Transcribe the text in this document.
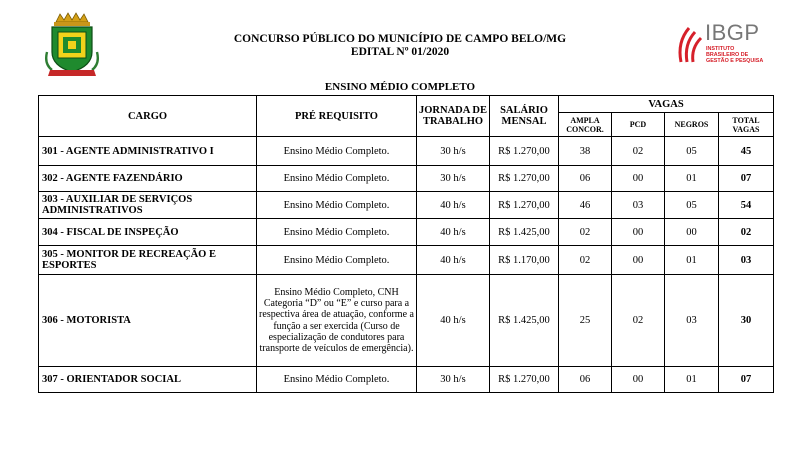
IBGP
INSTITUTO BRASILEIRO DE GESTÃO E PESQUISA
CONCURSO PÚBLICO DO MUNICÍPIO DE CAMPO BELO/MG
EDITAL Nº 01/2020
ENSINO MÉDIO COMPLETO
CARGO	PRÉ REQUISITO	JORNADA DE TRABALHO	SALÁRIO MENSAL	VAGAS			
				AMPLA CONCOR.	PCD	NEGROS	TOTAL VAGAS
301 - AGENTE ADMINISTRATIVO I	Ensino Médio Completo.	30 h/s	R$ 1.270,00	38	02	05	45
302 - AGENTE FAZENDÁRIO	Ensino Médio Completo.	30 h/s	R$ 1.270,00	06	00	01	07
303 - AUXILIAR DE SERVIÇOS ADMINISTRATIVOS	Ensino Médio Completo.	40 h/s	R$ 1.270,00	46	03	05	54
304 - FISCAL DE INSPEÇÃO	Ensino Médio Completo.	40 h/s	R$ 1.425,00	02	00	00	02
305 - MONITOR DE RECREAÇÃO E ESPORTES	Ensino Médio Completo.	40 h/s	R$ 1.170,00	02	00	01	03
306 - MOTORISTA	Ensino Médio Completo, CNH Categoria “D” ou “E” e curso para a respectiva área de atuação, conforme a função a ser exercida (Curso de especialização de condutores para transporte de veículos de emergência).	40 h/s	R$ 1.425,00	25	02	03	30
307 - ORIENTADOR SOCIAL	Ensino Médio Completo.	30 h/s	R$ 1.270,00	06	00	01	07
